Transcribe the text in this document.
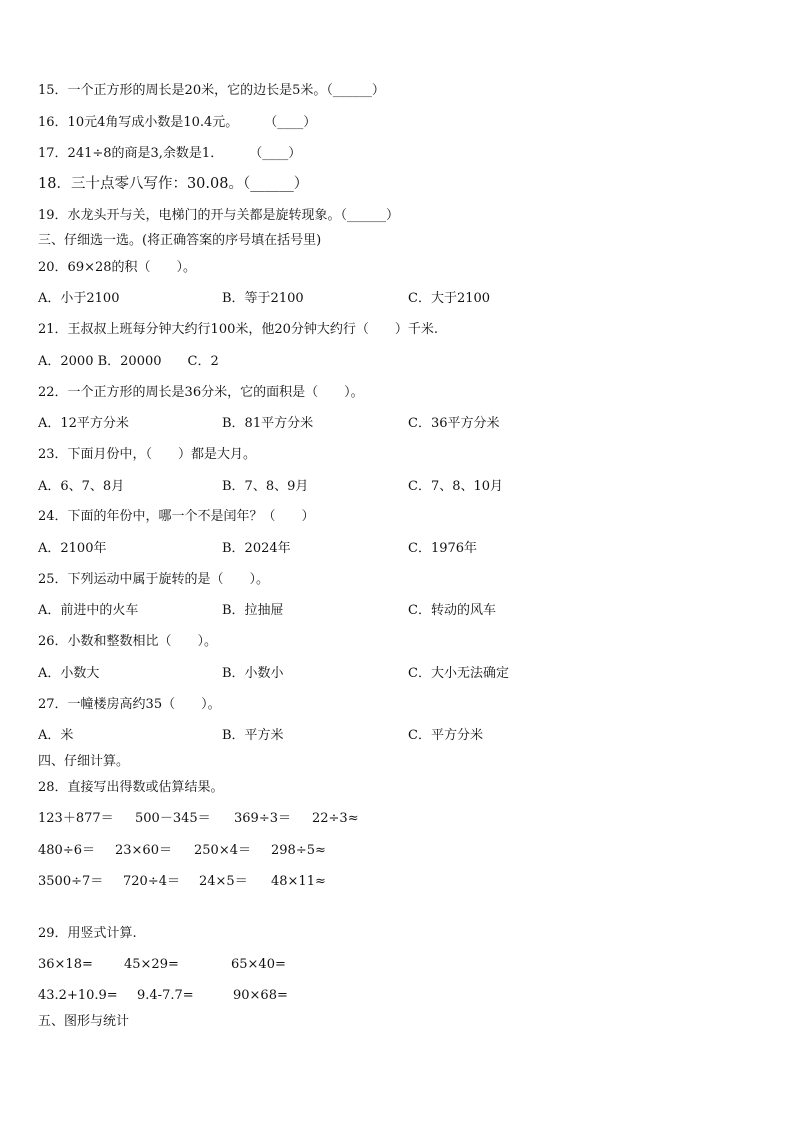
15．一个正方形的周长是20米，它的边长是5米。（______）
16．10元4角写成小数是10.4元。　　　（____）
17．241÷8的商是3,余数是1．　　　（____）
18．三十点零八写作：30.08。（______）
19．水龙头开与关，电梯门的开与关都是旋转现象。（______）
三、仔细选一选。(将正确答案的序号填在括号里)
20．69×28的积（　　）。
A．小于2100	B．等于2100	C．大于2100
21．王叔叔上班每分钟大约行100米，他20分钟大约行（　　）千米.
A．2000 B．20000　　C．2
22．一个正方形的周长是36分米，它的面积是（　　）。
A．12平方分米	B．81平方分米	C．36平方分米
23．下面月份中，（　　）都是大月。
A．6、7、8月	B．7、8、9月	C．7、8、10月
24．下面的年份中，哪一个不是闰年？（　　）
A．2100年	B．2024年	C．1976年
25．下列运动中属于旋转的是（　　）。
A．前进中的火车	B．拉抽屉	C．转动的风车
26．小数和整数相比（　　）。
A．小数大	B．小数小	C．大小无法确定
27．一幢楼房高约35（　　）。
A．米	B．平方米	C．平方分米
四、仔细计算。
28．直接写出得数或估算结果。
123＋877＝ 500－345＝ 369÷3＝ 22÷3≈
480÷6＝ 23×60＝ 250×4＝ 298÷5≈
3500÷7＝ 720÷4＝ 24×5＝ 48×11≈
29．用竖式计算.
36×18= 45×29=	65×40=
43.2+10.9= 9.4-7.7=	90×68=
五、图形与统计
